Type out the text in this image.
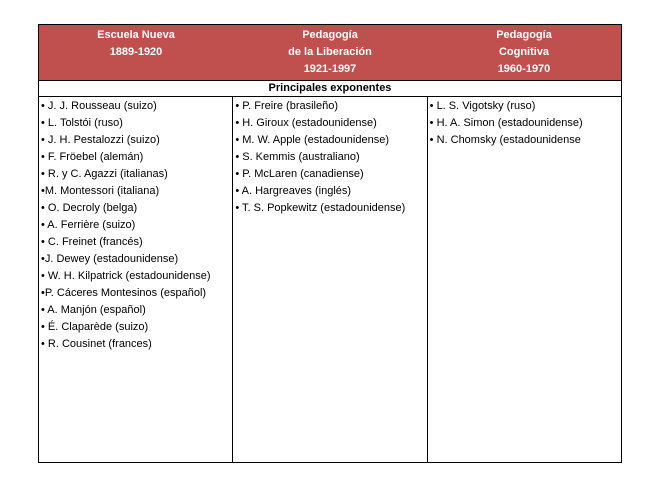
Escuela Nueva
1889-1920
Pedagogía
de la Liberación
1921-1997
Pedagogía
Cognitiva
1960-1970
Principales exponentes
• J. J. Rousseau (suizo)
• L. Tolstói (ruso)
• J. H. Pestalozzi (suizo)
• F. Fröebel (alemán)
• R. y C. Agazzi (italianas)
•M. Montessori (italiana)
• O. Decroly (belga)
• A. Ferrière (suizo)
• C. Freinet (francés)
•J. Dewey (estadounidense)
• W. H. Kilpatrick (estadounidense)
•P. Cáceres Montesinos (español)
• A. Manjón (español)
• É. Claparède (suizo)
• R. Cousinet (frances)
• P. Freire (brasileño)
• H. Giroux (estadounidense)
• M. W. Apple (estadounidense)
• S. Kemmis (australiano)
• P. McLaren (canadiense)
• A. Hargreaves (inglés)
• T. S. Popkewitz (estadounidense)
• L. S. Vigotsky (ruso)
• H. A. Simon (estadounidense)
• N. Chomsky (estadounidense
